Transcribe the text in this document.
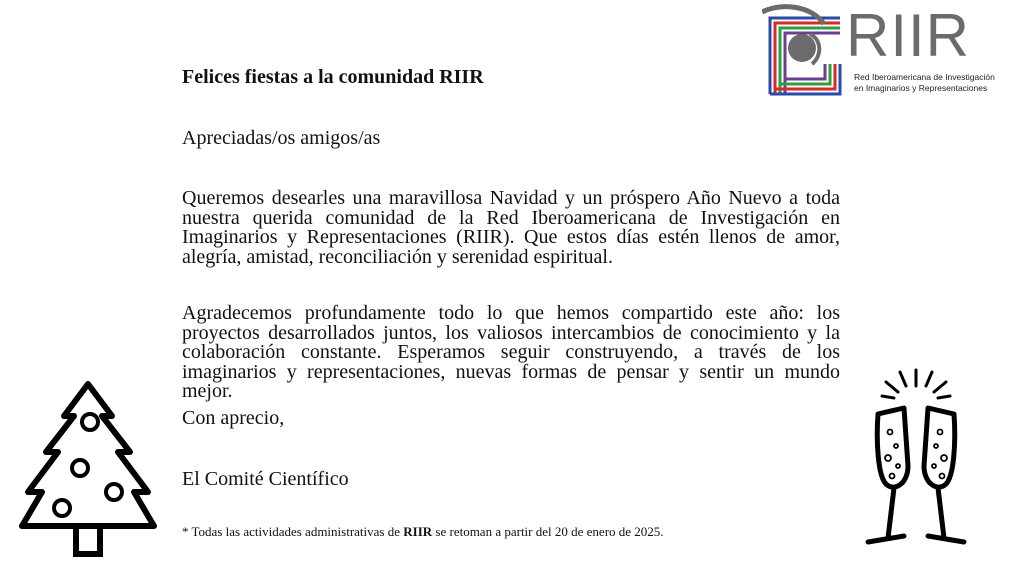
RIIR
Red Iberoamericana de Investigación
en Imaginarios y Representaciones
Felices fiestas a la comunidad RIIR

Apreciadas/os amigos/as

Queremos desearles una maravillosa Navidad y un próspero Año Nuevo a toda nuestra querida comunidad de la Red Iberoamericana de Investigación en Imaginarios y Representaciones (RIIR). Que estos días estén llenos de amor, alegría, amistad, reconciliación y serenidad espiritual.

Agradecemos profundamente todo lo que hemos compartido este año: los proyectos desarrollados juntos, los valiosos intercambios de conocimiento y la colaboración constante. Esperamos seguir construyendo, a través de los imaginarios y representaciones, nuevas formas de pensar y sentir un mundo mejor.

Con aprecio,

El Comité Científico

* Todas las actividades administrativas de RIIR se retoman a partir del 20 de enero de 2025.
